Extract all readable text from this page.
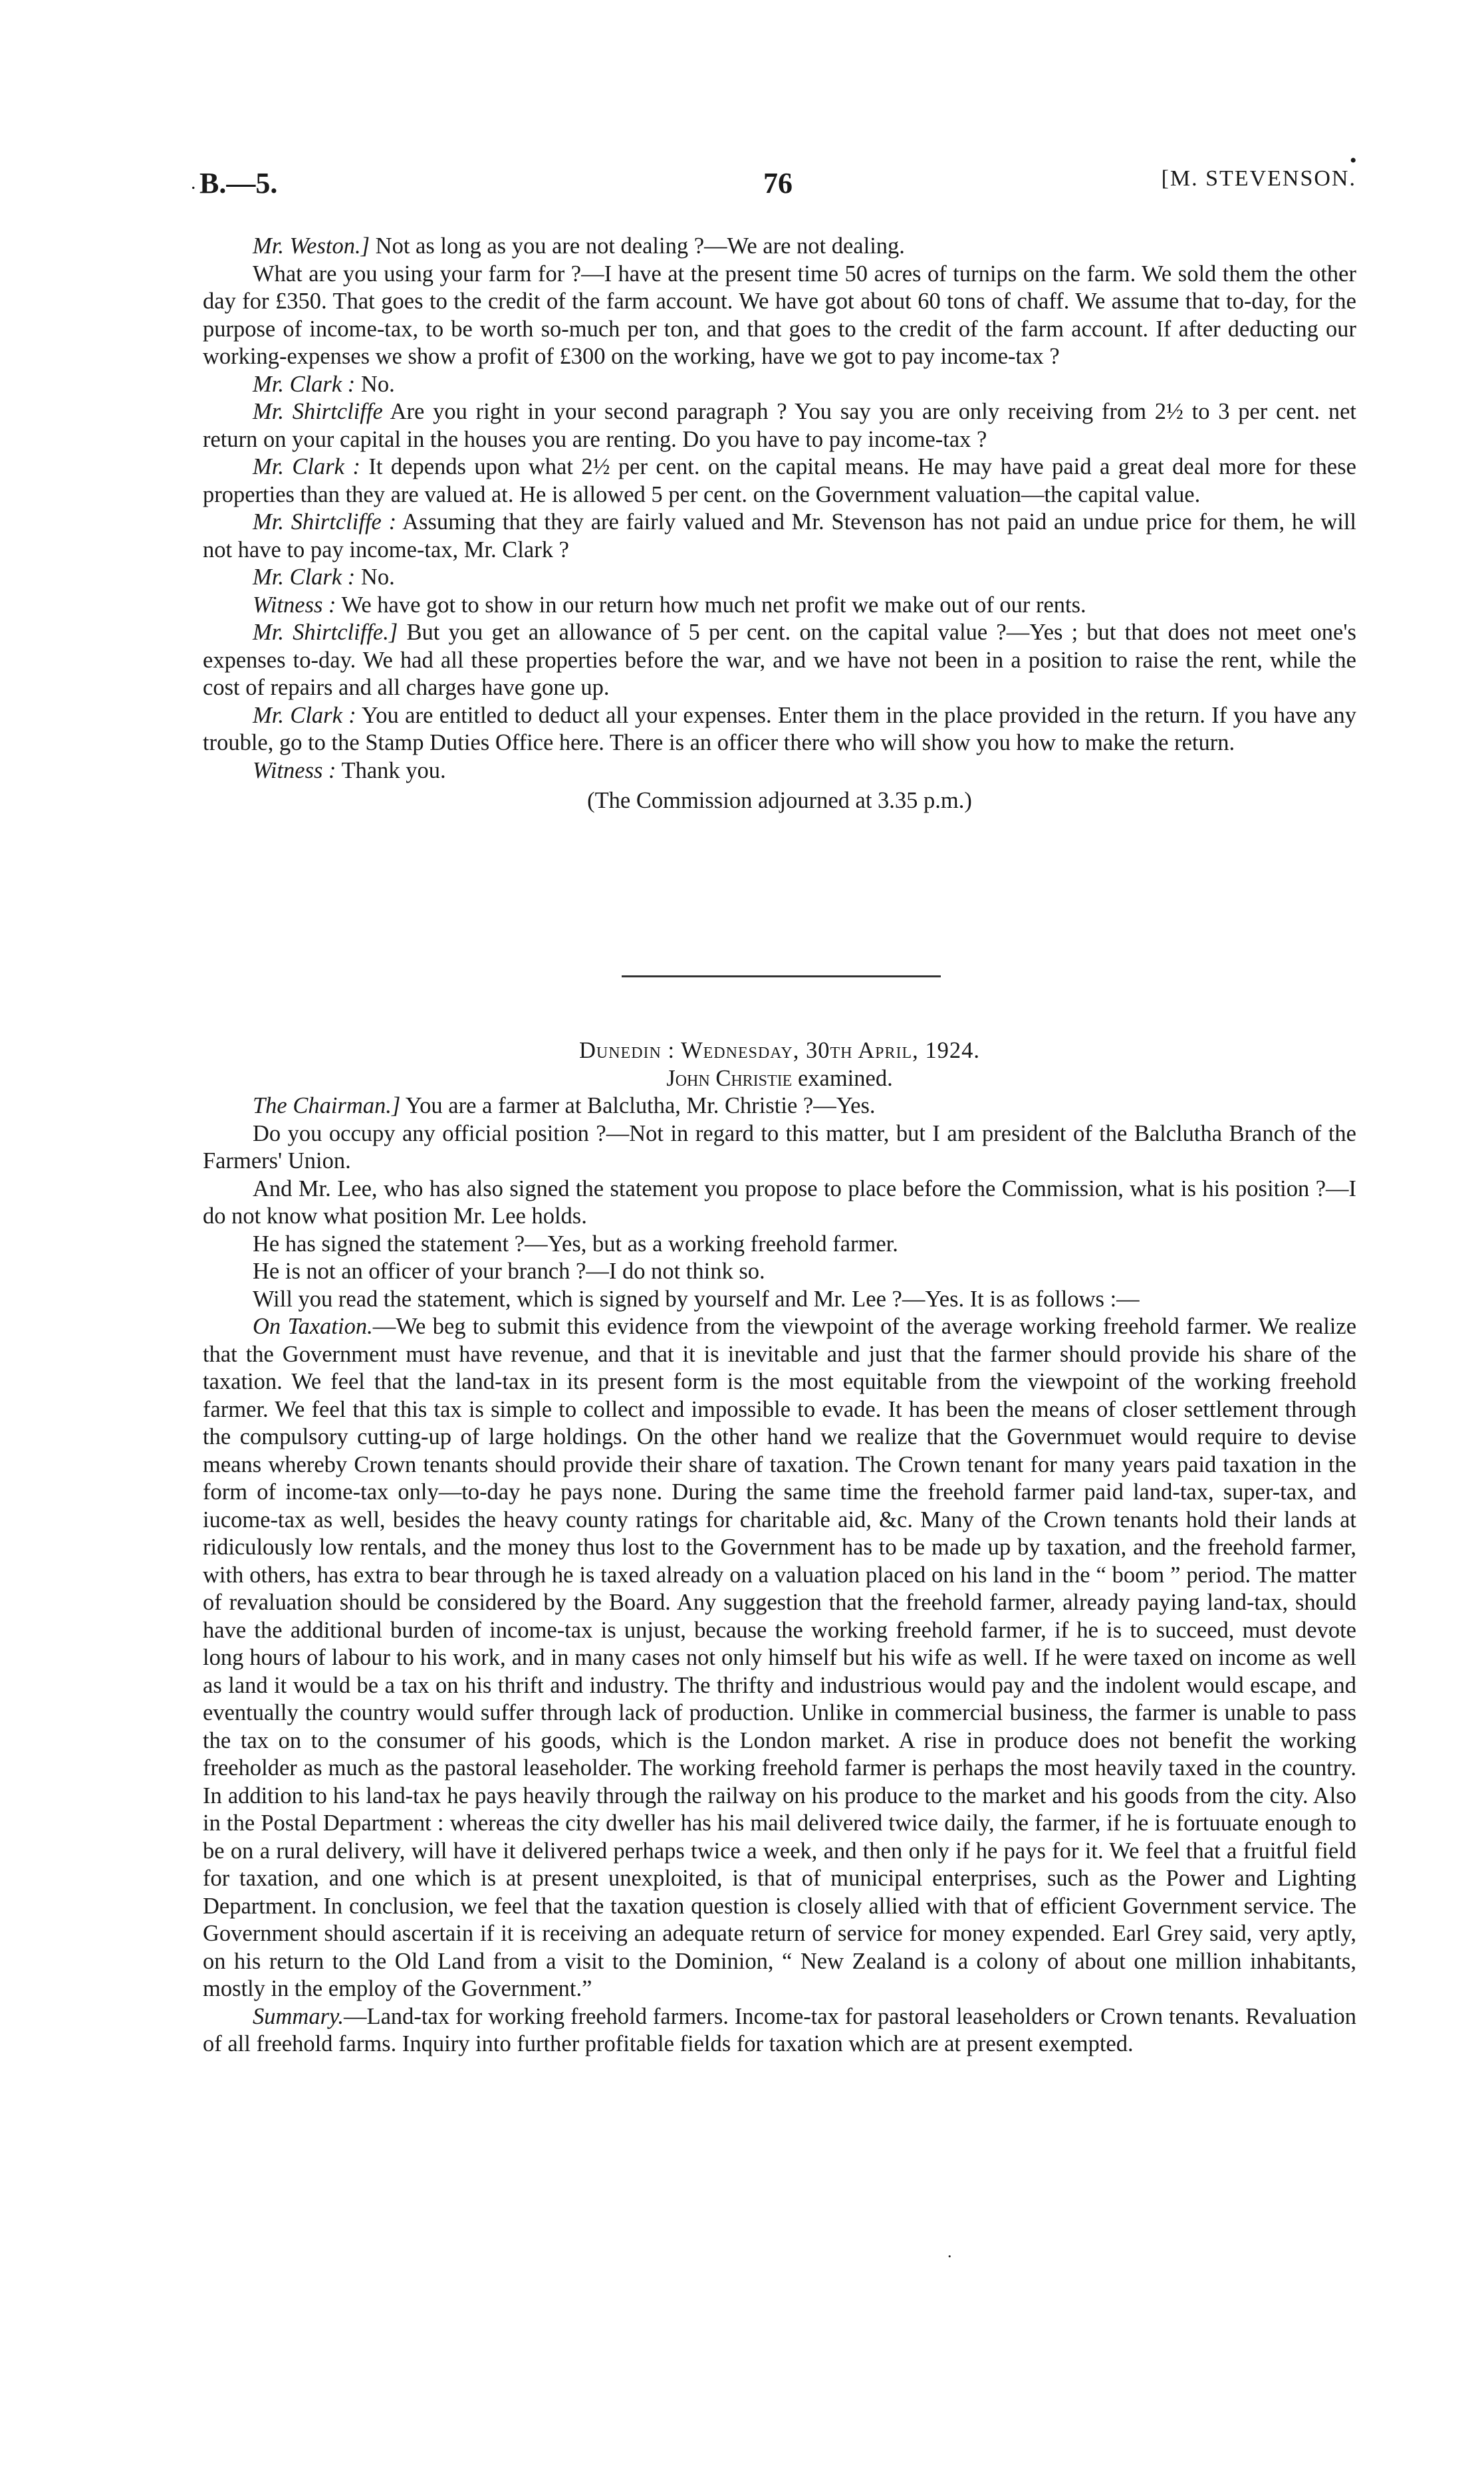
.
•
B.—5.	76	[M. STEVENSON.

Mr. Weston.] Not as long as you are not dealing ?—We are not dealing.

What are you using your farm for ?—I have at the present time 50 acres of turnips on the farm. We sold them the other day for £350. That goes to the credit of the farm account. We have got about 60 tons of chaff. We assume that to-day, for the purpose of income-tax, to be worth so-much per ton, and that goes to the credit of the farm account. If after deducting our working-expenses we show a profit of £300 on the working, have we got to pay income-tax ?

Mr. Clark : No.

Mr. Shirtcliffe Are you right in your second paragraph ? You say you are only receiving from 2½ to 3 per cent. net return on your capital in the houses you are renting. Do you have to pay income-tax ?

Mr. Clark : It depends upon what 2½ per cent. on the capital means. He may have paid a great deal more for these properties than they are valued at. He is allowed 5 per cent. on the Government valuation—the capital value.

Mr. Shirtcliffe : Assuming that they are fairly valued and Mr. Stevenson has not paid an undue price for them, he will not have to pay income-tax, Mr. Clark ?

Mr. Clark : No.

Witness : We have got to show in our return how much net profit we make out of our rents.

Mr. Shirtcliffe.] But you get an allowance of 5 per cent. on the capital value ?—Yes ; but that does not meet one's expenses to-day. We had all these properties before the war, and we have not been in a position to raise the rent, while the cost of repairs and all charges have gone up.

Mr. Clark : You are entitled to deduct all your expenses. Enter them in the place provided in the return. If you have any trouble, go to the Stamp Duties Office here. There is an officer there who will show you how to make the return.

Witness : Thank you.

(The Commission adjourned at 3.35 p.m.)

Dunedin : Wednesday, 30th April, 1924.

John Christie examined.

The Chairman.] You are a farmer at Balclutha, Mr. Christie ?—Yes.

Do you occupy any official position ?—Not in regard to this matter, but I am president of the Balclutha Branch of the Farmers' Union.

And Mr. Lee, who has also signed the statement you propose to place before the Commission, what is his position ?—I do not know what position Mr. Lee holds.

He has signed the statement ?—Yes, but as a working freehold farmer.

He is not an officer of your branch ?—I do not think so.

Will you read the statement, which is signed by yourself and Mr. Lee ?—Yes. It is as follows :—

On Taxation.—We beg to submit this evidence from the viewpoint of the average working freehold farmer. We realize that the Government must have revenue, and that it is inevitable and just that the farmer should provide his share of the taxation. We feel that the land-tax in its present form is the most equitable from the viewpoint of the working freehold farmer. We feel that this tax is simple to collect and impossible to evade. It has been the means of closer settlement through the compulsory cutting-up of large holdings. On the other hand we realize that the Governmuet would require to devise means whereby Crown tenants should provide their share of taxation. The Crown tenant for many years paid taxation in the form of income-tax only—to-day he pays none. During the same time the freehold farmer paid land-tax, super-tax, and iucome-tax as well, besides the heavy county ratings for charitable aid, &c. Many of the Crown tenants hold their lands at ridiculously low rentals, and the money thus lost to the Government has to be made up by taxation, and the freehold farmer, with others, has extra to bear through he is taxed already on a valuation placed on his land in the “ boom ” period. The matter of revaluation should be considered by the Board. Any suggestion that the freehold farmer, already paying land-tax, should have the additional burden of income-tax is unjust, because the working freehold farmer, if he is to succeed, must devote long hours of labour to his work, and in many cases not only himself but his wife as well. If he were taxed on income as well as land it would be a tax on his thrift and industry. The thrifty and industrious would pay and the indolent would escape, and eventually the country would suffer through lack of production. Unlike in commercial business, the farmer is unable to pass the tax on to the consumer of his goods, which is the London market. A rise in produce does not benefit the working freeholder as much as the pastoral leaseholder. The working freehold farmer is perhaps the most heavily taxed in the country. In addition to his land-tax he pays heavily through the railway on his produce to the market and his goods from the city. Also in the Postal Department : whereas the city dweller has his mail delivered twice daily, the farmer, if he is fortuuate enough to be on a rural delivery, will have it delivered perhaps twice a week, and then only if he pays for it. We feel that a fruitful field for taxation, and one which is at present unexploited, is that of municipal enterprises, such as the Power and Lighting Department. In conclusion, we feel that the taxation question is closely allied with that of efficient Government service. The Government should ascertain if it is receiving an adequate return of service for money expended. Earl Grey said, very aptly, on his return to the Old Land from a visit to the Dominion, “ New Zealand is a colony of about one million inhabitants, mostly in the employ of the Government.”

Summary.—Land-tax for working freehold farmers. Income-tax for pastoral leaseholders or Crown tenants. Revaluation of all freehold farms. Inquiry into further profitable fields for taxation which are at present exempted.

.
